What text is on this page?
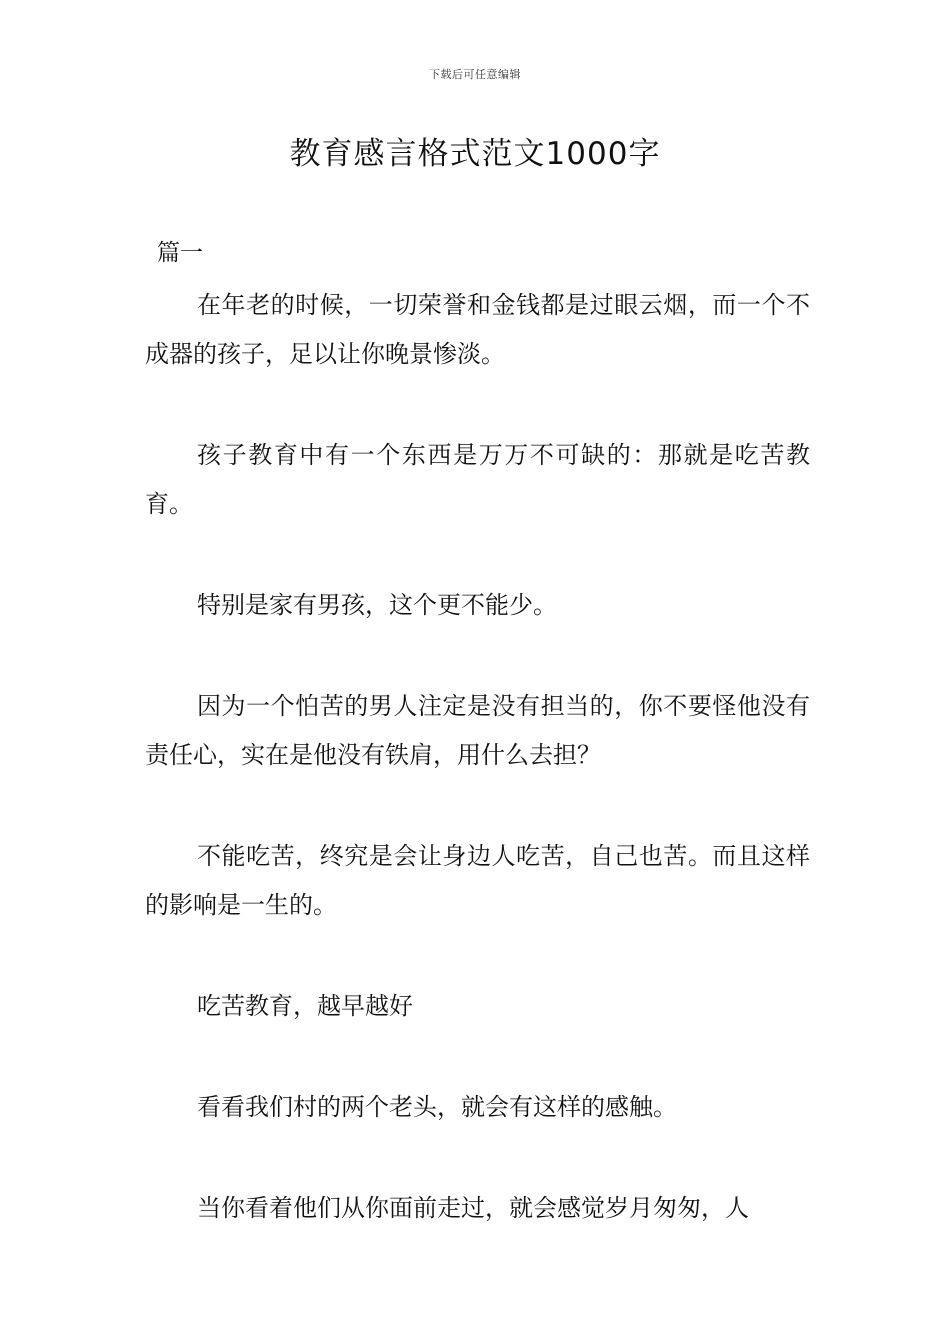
下载后可任意编辑
教育感言格式范文1000字
篇一

在年老的时候，一切荣誉和金钱都是过眼云烟，而一个不成器的孩子，足以让你晚景惨淡。

孩子教育中有一个东西是万万不可缺的：那就是吃苦教育。

特别是家有男孩，这个更不能少。

因为一个怕苦的男人注定是没有担当的，你不要怪他没有责任心，实在是他没有铁肩，用什么去担？

不能吃苦，终究是会让身边人吃苦，自己也苦。而且这样的影响是一生的。

吃苦教育，越早越好

看看我们村的两个老头，就会有这样的感触。

当你看着他们从你面前走过，就会感觉岁月匆匆，人
